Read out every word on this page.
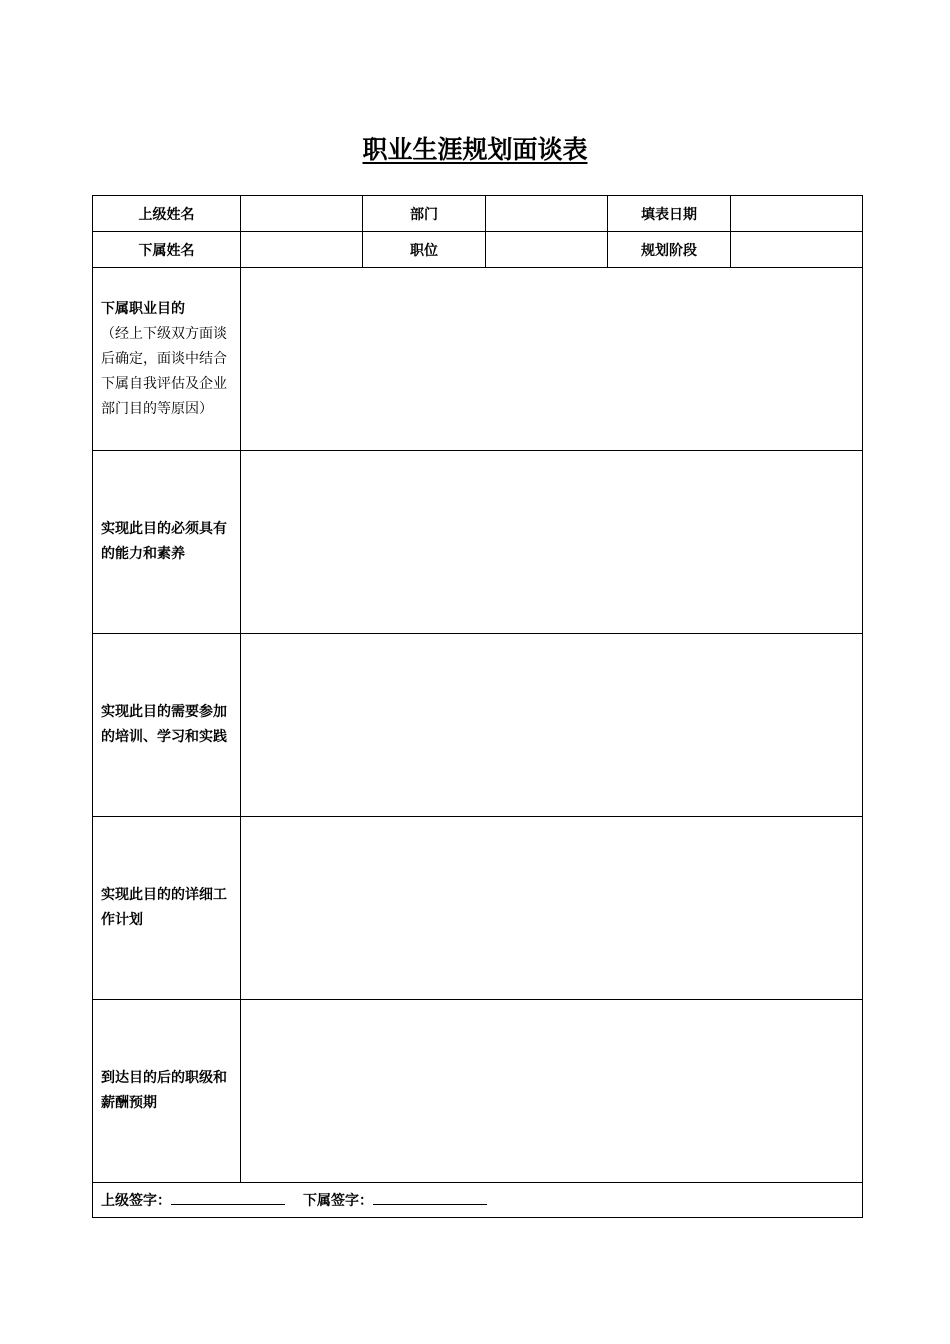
职业生涯规划面谈表
上级姓名		部门		填表日期	
下属姓名		职位		规划阶段	

下属职业目的
（经上下级双方面谈后确定，面谈中结合下属自我评估及企业部门目的等原因）					

实现此目的必须具有的能力和素养					

实现此目的需要参加的培训、学习和实践					

实现此目的的详细工作计划					

到达目的后的职级和薪酬预期					

上级签字： 下属签字：					
